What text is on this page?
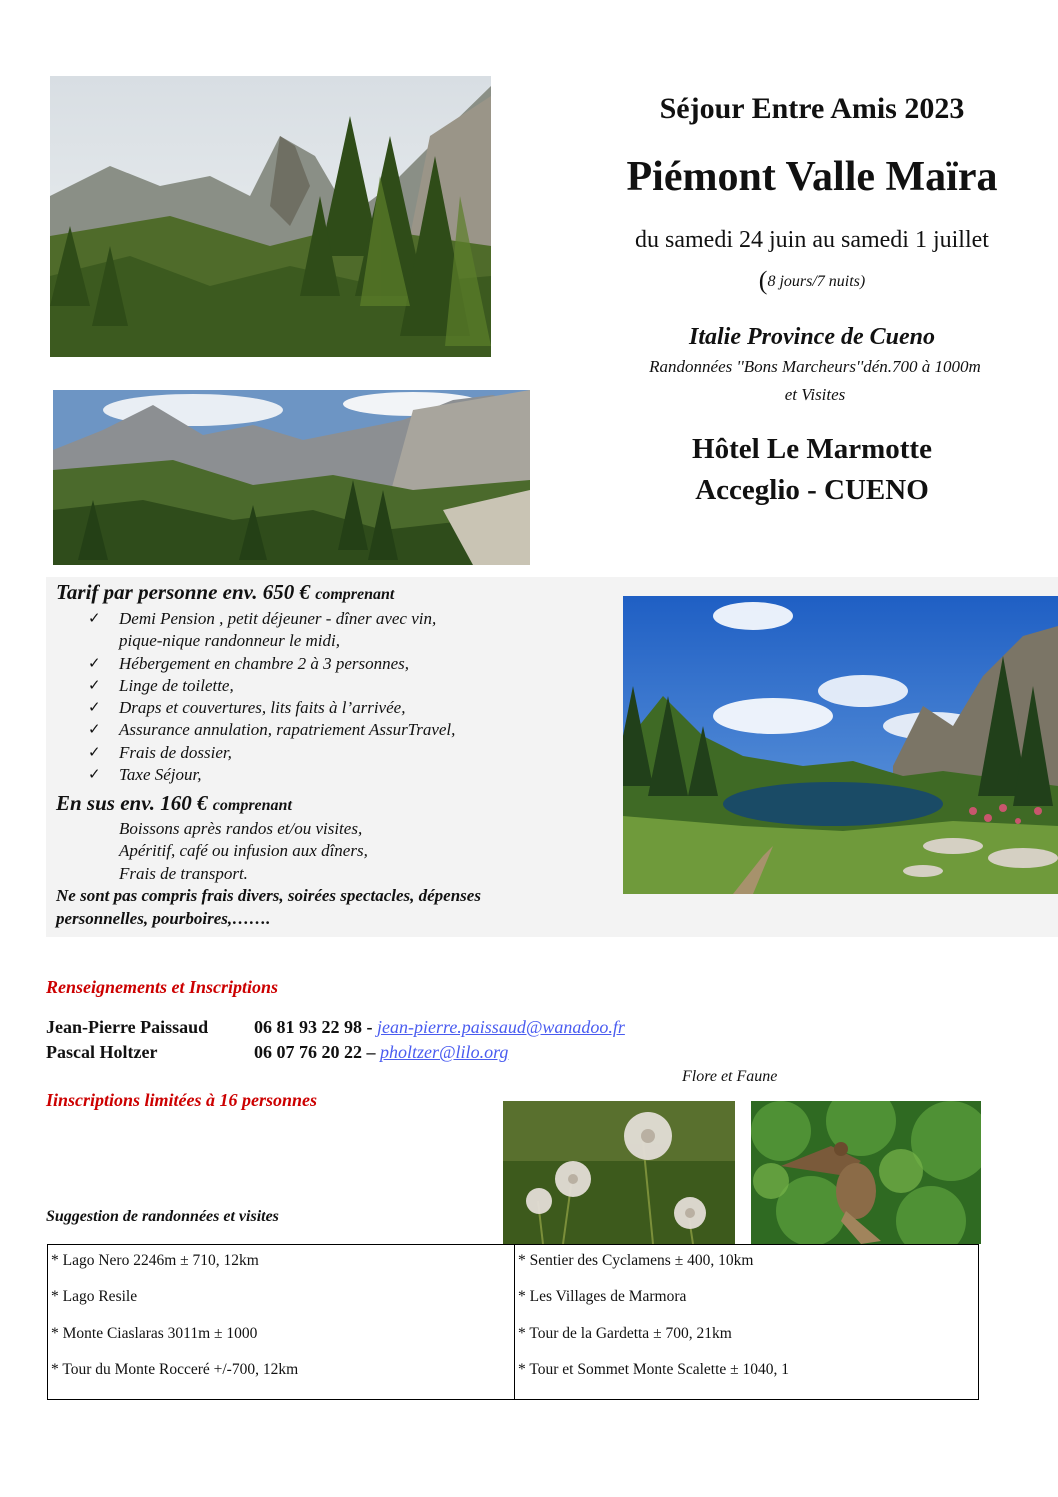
Séjour Entre Amis 2023
Piémont Valle Maïra
du samedi 24 juin au samedi 1 juillet
(8 jours/7 nuits)
Italie Province de Cueno
Randonnées ''Bons Marcheurs''dén.700 à 1000m
et Visites
Hôtel Le Marmotte
Acceglio - CUENO
Tarif par personne env. 650 € comprenant
✓ Demi Pension , petit déjeuner - dîner avec vin,
pique-nique randonneur le midi,
✓ Hébergement en chambre 2 à 3 personnes,
✓ Linge de toilette,
✓ Draps et couvertures, lits faits à l’arrivée,
✓ Assurance annulation, rapatriement AssurTravel,
✓ Frais de dossier,
✓ Taxe Séjour,
En sus env. 160 € comprenant
Boissons après randos et/ou visites,
Apéritif, café ou infusion aux dîners,
Frais de transport.
Ne sont pas compris frais divers, soirées spectacles, dépenses personnelles, pourboires,…….
Renseignements et Inscriptions
Jean-Pierre Paissaud	06 81 93 22 98 - jean-pierre.paissaud@wanadoo.fr
Pascal Holtzer	06 07 76 20 22 – pholtzer@lilo.org
Iinscriptions limitées à 16 personnes
Flore et Faune
Suggestion de randonnées et visites
* Lago Nero 2246m ± 710, 12km
* Lago Resile
* Monte Ciaslaras 3011m ± 1000
* Tour du Monte Rocceré +/-700, 12km
* Sentier des Cyclamens ± 400, 10km
* Les Villages de Marmora
* Tour de la Gardetta ± 700, 21km
* Tour et Sommet Monte Scalette ± 1040, 1
